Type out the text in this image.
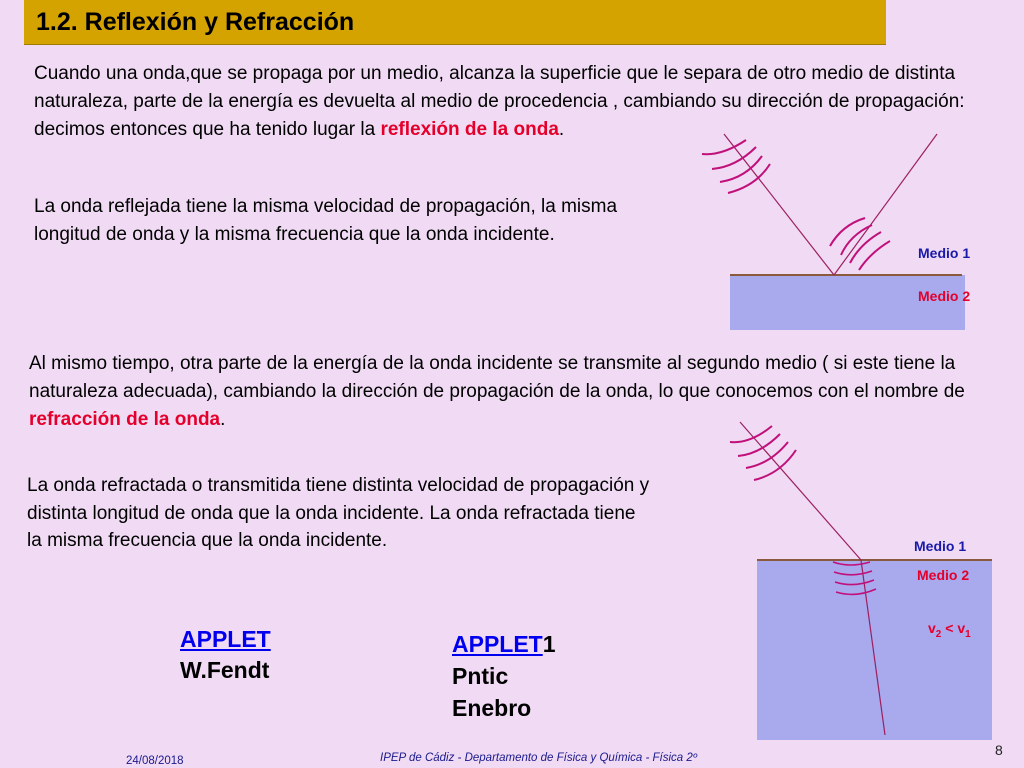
1.2. Reflexión y Refracción

Cuando una onda,que se propaga por un medio, alcanza la superficie que le separa de otro medio de distinta naturaleza, parte de la energía es devuelta al medio de procedencia , cambiando su dirección de propagación: decimos entonces que ha tenido lugar la reflexión de la onda.

La onda reflejada tiene la misma velocidad de propagación, la misma longitud de onda y la misma frecuencia que la onda incidente.

Al mismo tiempo, otra parte de la energía de la onda incidente se transmite al segundo medio ( si este tiene la naturaleza adecuada), cambiando la dirección de propagación de la onda, lo que conocemos con el nombre de refracción de la onda.

La onda refractada o transmitida tiene distinta velocidad de propagación y distinta longitud de onda que la onda incidente. La onda refractada tiene la misma frecuencia que la onda incidente.

Medio 1
Medio 2
Medio 1
Medio 2
$v_2 < v_1$
APPLET
W.Fendt
APPLET1
Pntic
Enebro
24/08/2018	IPEP de Cádiz - Departamento de Física y Química - Física 2º	8
